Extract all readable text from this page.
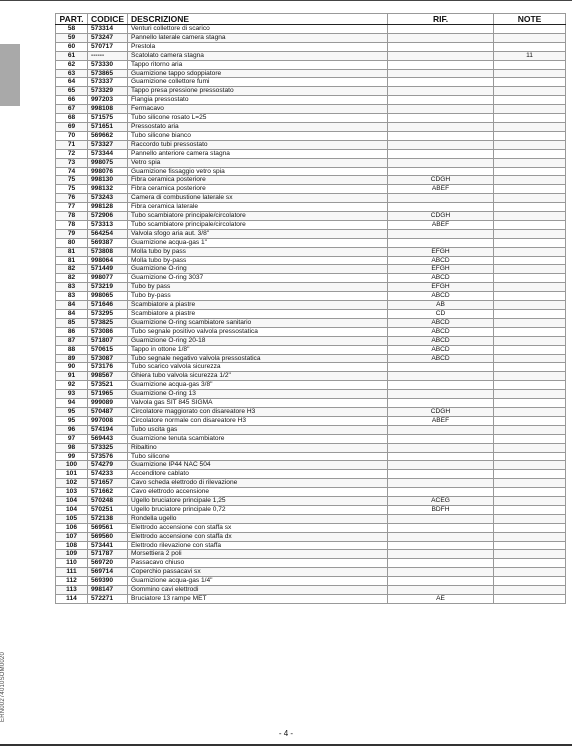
ERN00274010SOM0020
PART.	CODICE	DESCRIZIONE	RIF.	NOTE
58	573314	Venturi collettore di scarico		
59	573247	Pannello laterale camera stagna		
60	570717	Prestola		
61	------	Scatolato camera stagna		11
62	573330	Tappo ritorno aria		
63	573865	Guarnizione tappo sdoppiatore		
64	573337	Guarnizione collettore fumi		
65	573329	Tappo presa pressione pressostato		
66	997203	Flangia pressostato		
67	998108	Fermacavo		
68	571575	Tubo silicone rosato L=25		
69	571651	Pressostato aria		
70	569662	Tubo silicone bianco		
71	573327	Raccordo tubi pressostato		
72	573344	Pannello anteriore camera stagna		
73	998075	Vetro spia		
74	998076	Guarnizione fissaggio vetro spia		
75	998130	Fibra ceramica posteriore	CDGH	
75	998132	Fibra ceramica posteriore	ABEF	
76	573243	Camera di combustione laterale sx		
77	998128	Fibra ceramica laterale		
78	572906	Tubo scambiatore principale/circolatore	CDGH	
78	573313	Tubo scambiatore principale/circolatore	ABEF	
79	564254	Valvola sfogo aria aut. 3/8"		
80	569387	Guarnizione acqua-gas 1"		
81	573808	Molla tubo by pass	EFGH	
81	998064	Molla tubo by-pass	ABCD	
82	571449	Guarnizione O-ring	EFGH	
82	998077	Guarnizione O-ring 3037	ABCD	
83	573219	Tubo by pass	EFGH	
83	998065	Tubo by-pass	ABCD	
84	571646	Scambiatore a piastre	AB	
84	573295	Scambiatore a piastre	CD	
85	573825	Guarnizione O-ring scambiatore sanitario	ABCD	
86	573086	Tubo segnale positivo valvola pressostatica	ABCD	
87	571807	Guarnizione O-ring 20-18	ABCD	
88	570615	Tappo in ottone 1/8"	ABCD	
89	573087	Tubo segnale negativo valvola pressostatica	ABCD	
90	573176	Tubo scarico valvola sicurezza		
91	998567	Ghiera tubo valvola sicurezza 1/2"		
92	573521	Guarnizione acqua-gas 3/8"		
93	571965	Guarnizione O-ring 13		
94	999089	Valvola gas SIT 845 SIGMA		
95	570487	Circolatore maggiorato con disareatore H3	CDGH	
95	997008	Circolatore normale con disareatore H3	ABEF	
96	574194	Tubo uscita gas		
97	569443	Guarnizione tenuta scambiatore		
98	573325	Ribaltino		
99	573576	Tubo silicone		
100	574279	Guarnizione IP44 NAC 504		
101	574233	Accenditore cablato		
102	571657	Cavo scheda elettrodo di rilevazione		
103	571662	Cavo elettrodo accensione		
104	570248	Ugello bruciatore principale 1,25	ACEG	
104	570251	Ugello bruciatore principale 0,72	BDFH	
105	572138	Rondella ugello		
106	569561	Elettrodo accensione con staffa sx		
107	569560	Elettrodo accensione con staffa dx		
108	573441	Elettrodo rilevazione con staffa		
109	571787	Morsettiera 2 poli		
110	569720	Passacavo chiuso		
111	569714	Coperchio passacavi sx		
112	569390	Guarnizione acqua-gas 1/4"		
113	998147	Gommino cavi elettrodi		
114	572271	Bruciatore 13 rampe MET	AE	
- 4 -
